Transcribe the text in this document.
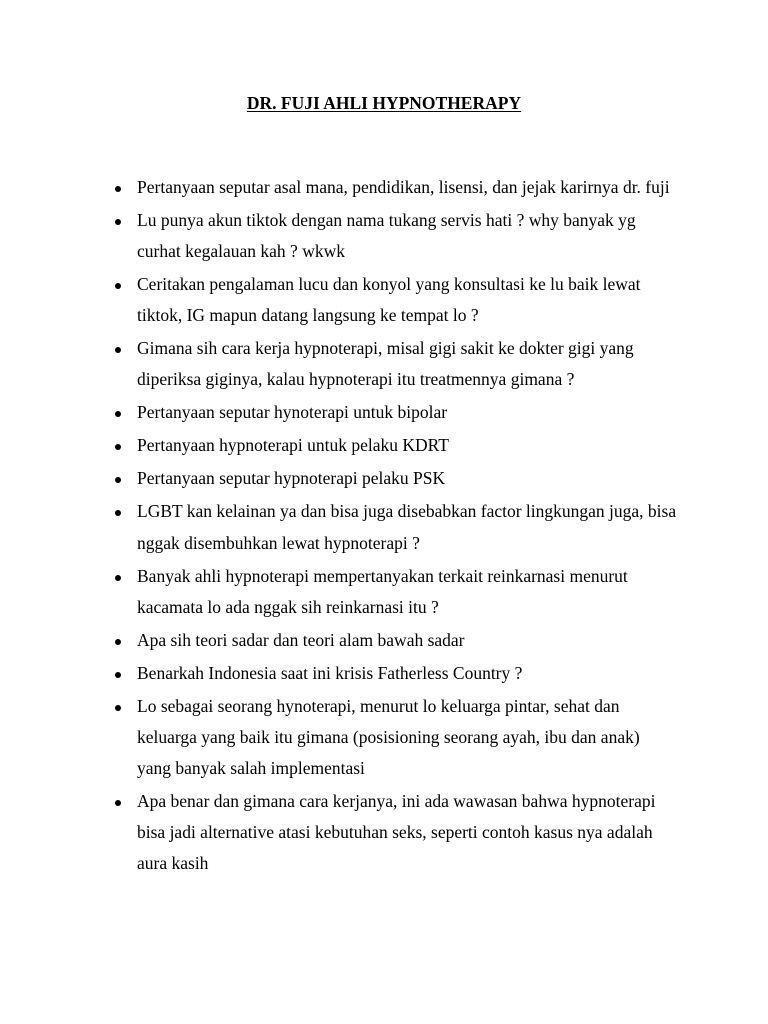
DR. FUJI AHLI HYPNOTHERAPY
Pertanyaan seputar asal mana, pendidikan, lisensi, dan jejak karirnya dr. fuji
Lu punya akun tiktok dengan nama tukang servis hati ? why banyak yg
curhat kegalauan kah ? wkwk
Ceritakan pengalaman lucu dan konyol yang konsultasi ke lu baik lewat
tiktok, IG mapun datang langsung ke tempat lo ?
Gimana sih cara kerja hypnoterapi, misal gigi sakit ke dokter gigi yang
diperiksa giginya, kalau hypnoterapi itu treatmennya gimana ?
Pertanyaan seputar hynoterapi untuk bipolar
Pertanyaan hypnoterapi untuk pelaku KDRT
Pertanyaan seputar hypnoterapi pelaku PSK
LGBT kan kelainan ya dan bisa juga disebabkan factor lingkungan juga, bisa
nggak disembuhkan lewat hypnoterapi ?
Banyak ahli hypnoterapi mempertanyakan terkait reinkarnasi menurut
kacamata lo ada nggak sih reinkarnasi itu ?
Apa sih teori sadar dan teori alam bawah sadar
Benarkah Indonesia saat ini krisis Fatherless Country ?
Lo sebagai seorang hynoterapi, menurut lo keluarga pintar, sehat dan
keluarga yang baik itu gimana (posisioning seorang ayah, ibu dan anak)
yang banyak salah implementasi
Apa benar dan gimana cara kerjanya, ini ada wawasan bahwa hypnoterapi
bisa jadi alternative atasi kebutuhan seks, seperti contoh kasus nya adalah
aura kasih
